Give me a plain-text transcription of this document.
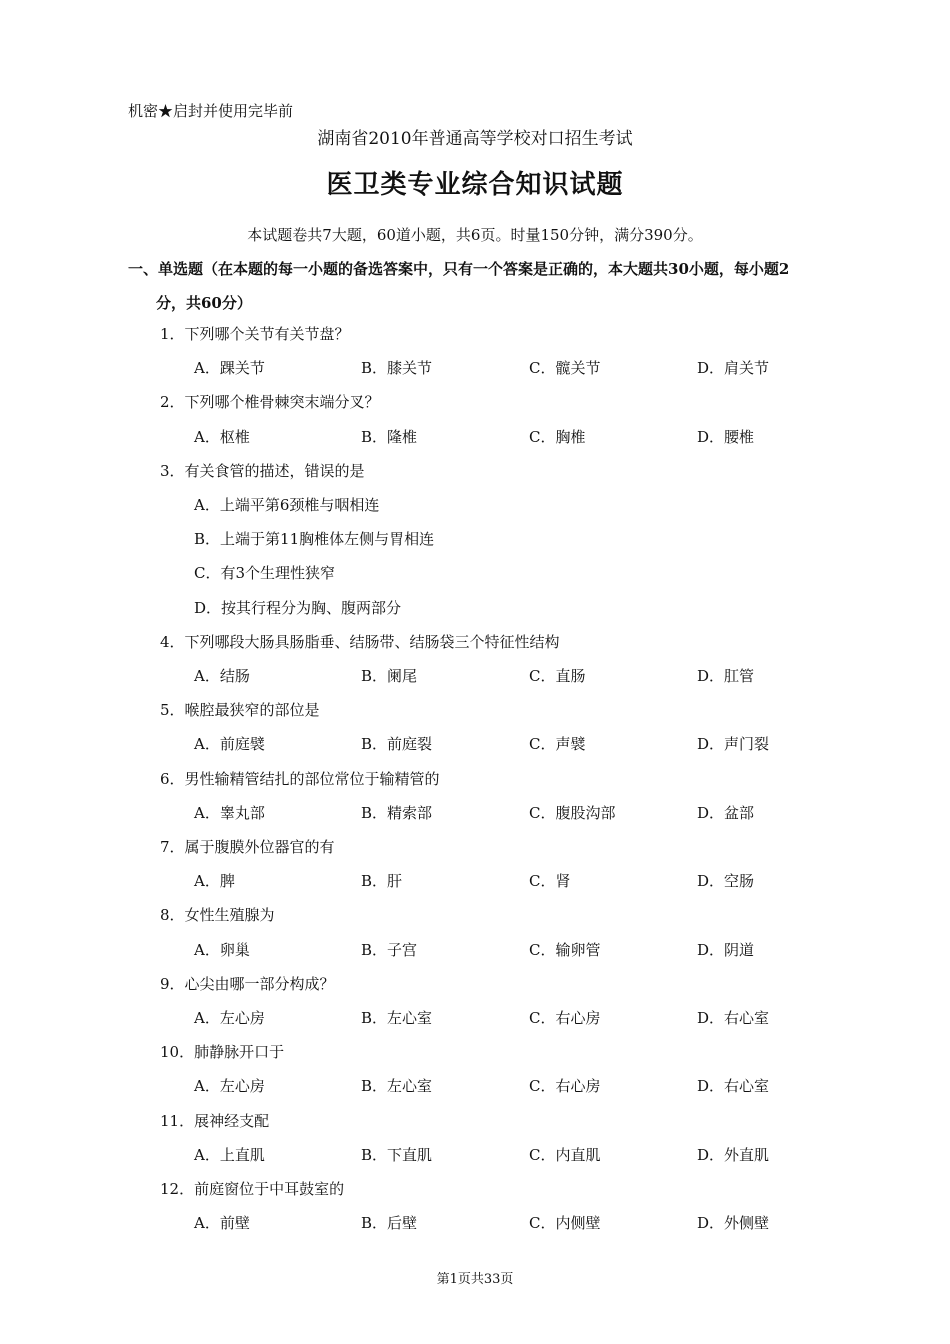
机密★启封并使用完毕前
湖南省2010年普通高等学校对口招生考试
医卫类专业综合知识试题
本试题卷共7大题，60道小题，共6页。时量150分钟，满分390分。
一、单选题（在本题的每一小题的备选答案中，只有一个答案是正确的，本大题共30小题，每小题2
分，共60分）
1．下列哪个关节有关节盘？
A．踝关节	B．膝关节	C．髋关节	D．肩关节
2．下列哪个椎骨棘突末端分叉？
A．枢椎	B．隆椎	C．胸椎	D．腰椎
3．有关食管的描述，错误的是
A．上端平第6颈椎与咽相连
B．上端于第11胸椎体左侧与胃相连
C．有3个生理性狭窄
D．按其行程分为胸、腹两部分
4．下列哪段大肠具肠脂垂、结肠带、结肠袋三个特征性结构
A．结肠	B．阑尾	C．直肠	D．肛管
5．喉腔最狭窄的部位是
A．前庭襞	B．前庭裂	C．声襞	D．声门裂
6．男性输精管结扎的部位常位于输精管的
A．睾丸部	B．精索部	C．腹股沟部	D．盆部
7．属于腹膜外位器官的有
A．脾	B．肝	C．肾	D．空肠
8．女性生殖腺为
A．卵巢	B．子宫	C．输卵管	D．阴道
9．心尖由哪一部分构成？
A．左心房	B．左心室	C．右心房	D．右心室
10．肺静脉开口于
A．左心房	B．左心室	C．右心房	D．右心室
11．展神经支配
A．上直肌	B．下直肌	C．内直肌	D．外直肌
12．前庭窗位于中耳鼓室的
A．前壁	B．后壁	C．内侧壁	D．外侧壁
第1页共33页
